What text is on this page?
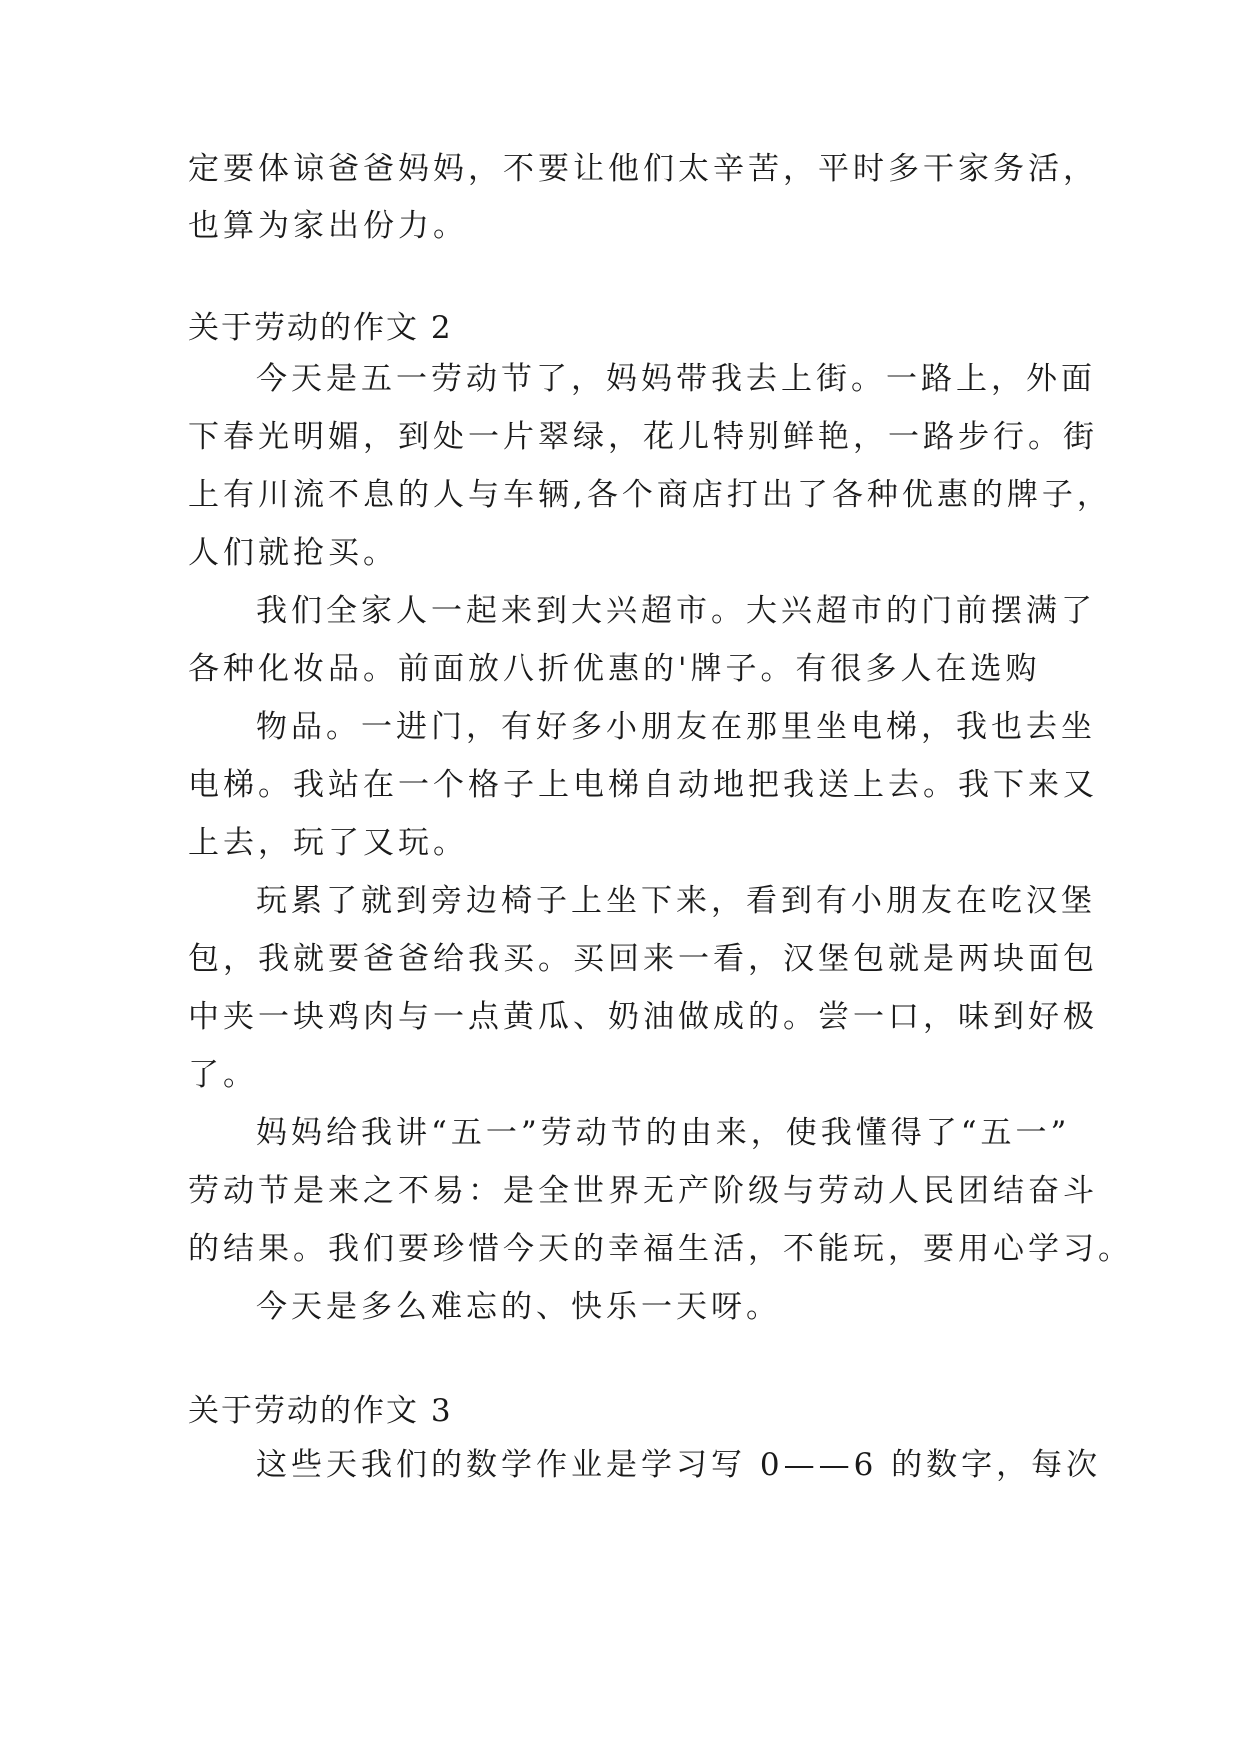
定要体谅爸爸妈妈，不要让他们太辛苦，平时多干家务活，

也算为家出份力。

关于劳动的作文 2

今天是五一劳动节了，妈妈带我去上街。一路上，外面

下春光明媚，到处一片翠绿，花儿特别鲜艳，一路步行。街

上有川流不息的人与车辆,各个商店打出了各种优惠的牌子，

人们就抢买。

我们全家人一起来到大兴超市。大兴超市的门前摆满了

各种化妆品。前面放八折优惠的'牌子。有很多人在选购

物品。一进门，有好多小朋友在那里坐电梯，我也去坐

电梯。我站在一个格子上电梯自动地把我送上去。我下来又

上去，玩了又玩。

玩累了就到旁边椅子上坐下来，看到有小朋友在吃汉堡

包，我就要爸爸给我买。买回来一看，汉堡包就是两块面包

中夹一块鸡肉与一点黄瓜、奶油做成的。尝一口，味到好极

了。

妈妈给我讲“五一”劳动节的由来，使我懂得了“五一”

劳动节是来之不易：是全世界无产阶级与劳动人民团结奋斗

的结果。我们要珍惜今天的幸福生活，不能玩，要用心学习。

今天是多么难忘的、快乐一天呀。

关于劳动的作文 3

这些天我们的数学作业是学习写 0——6 的数字，每次
